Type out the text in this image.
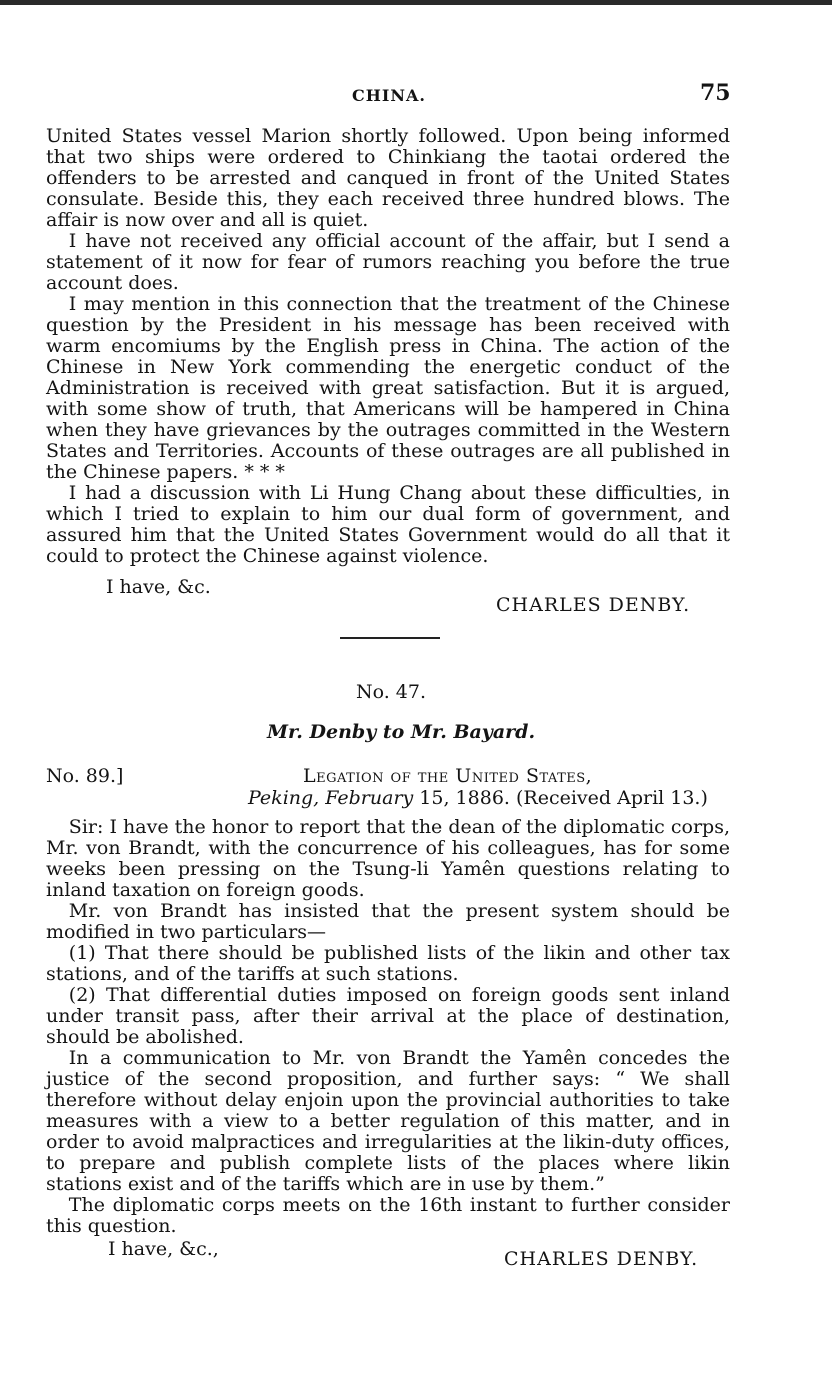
CHINA.	75

United States vessel Marion shortly followed. Upon being informed that two ships were ordered to Chinkiang the taotai ordered the offenders to be arrested and canqued in front of the United States consulate. Beside this, they each received three hundred blows. The affair is now over and all is quiet.

I have not received any official account of the affair, but I send a statement of it now for fear of rumors reaching you before the true account does.

I may mention in this connection that the treatment of the Chinese question by the President in his message has been received with warm encomiums by the English press in China. The action of the Chinese in New York commending the energetic conduct of the Administration is received with great satisfaction. But it is argued, with some show of truth, that Americans will be hampered in China when they have grievances by the outrages committed in the Western States and Territories. Accounts of these outrages are all published in the Chinese papers. * * *

I had a discussion with Li Hung Chang about these difficulties, in which I tried to explain to him our dual form of government, and assured him that the United States Government would do all that it could to protect the Chinese against violence.

I have, &c.
CHARLES DENBY.
No. 47.
Mr. Denby to Mr. Bayard.
No. 89.]	Legation of the United States,
Peking, February 15, 1886. (Received April 13.)

Sir: I have the honor to report that the dean of the diplomatic corps, Mr. von Brandt, with the concurrence of his colleagues, has for some weeks been pressing on the Tsung-li Yamên questions relating to inland taxation on foreign goods.

Mr. von Brandt has insisted that the present system should be modified in two particulars—

(1) That there should be published lists of the likin and other tax stations, and of the tariffs at such stations.

(2) That differential duties imposed on foreign goods sent inland under transit pass, after their arrival at the place of destination, should be abolished.

In a communication to Mr. von Brandt the Yamên concedes the justice of the second proposition, and further says: “ We shall therefore without delay enjoin upon the provincial authorities to take measures with a view to a better regulation of this matter, and in order to avoid malpractices and irregularities at the likin-duty offices, to prepare and publish complete lists of the places where likin stations exist and of the tariffs which are in use by them.”

The diplomatic corps meets on the 16th instant to further consider this question.

I have, &c.,	CHARLES DENBY.
